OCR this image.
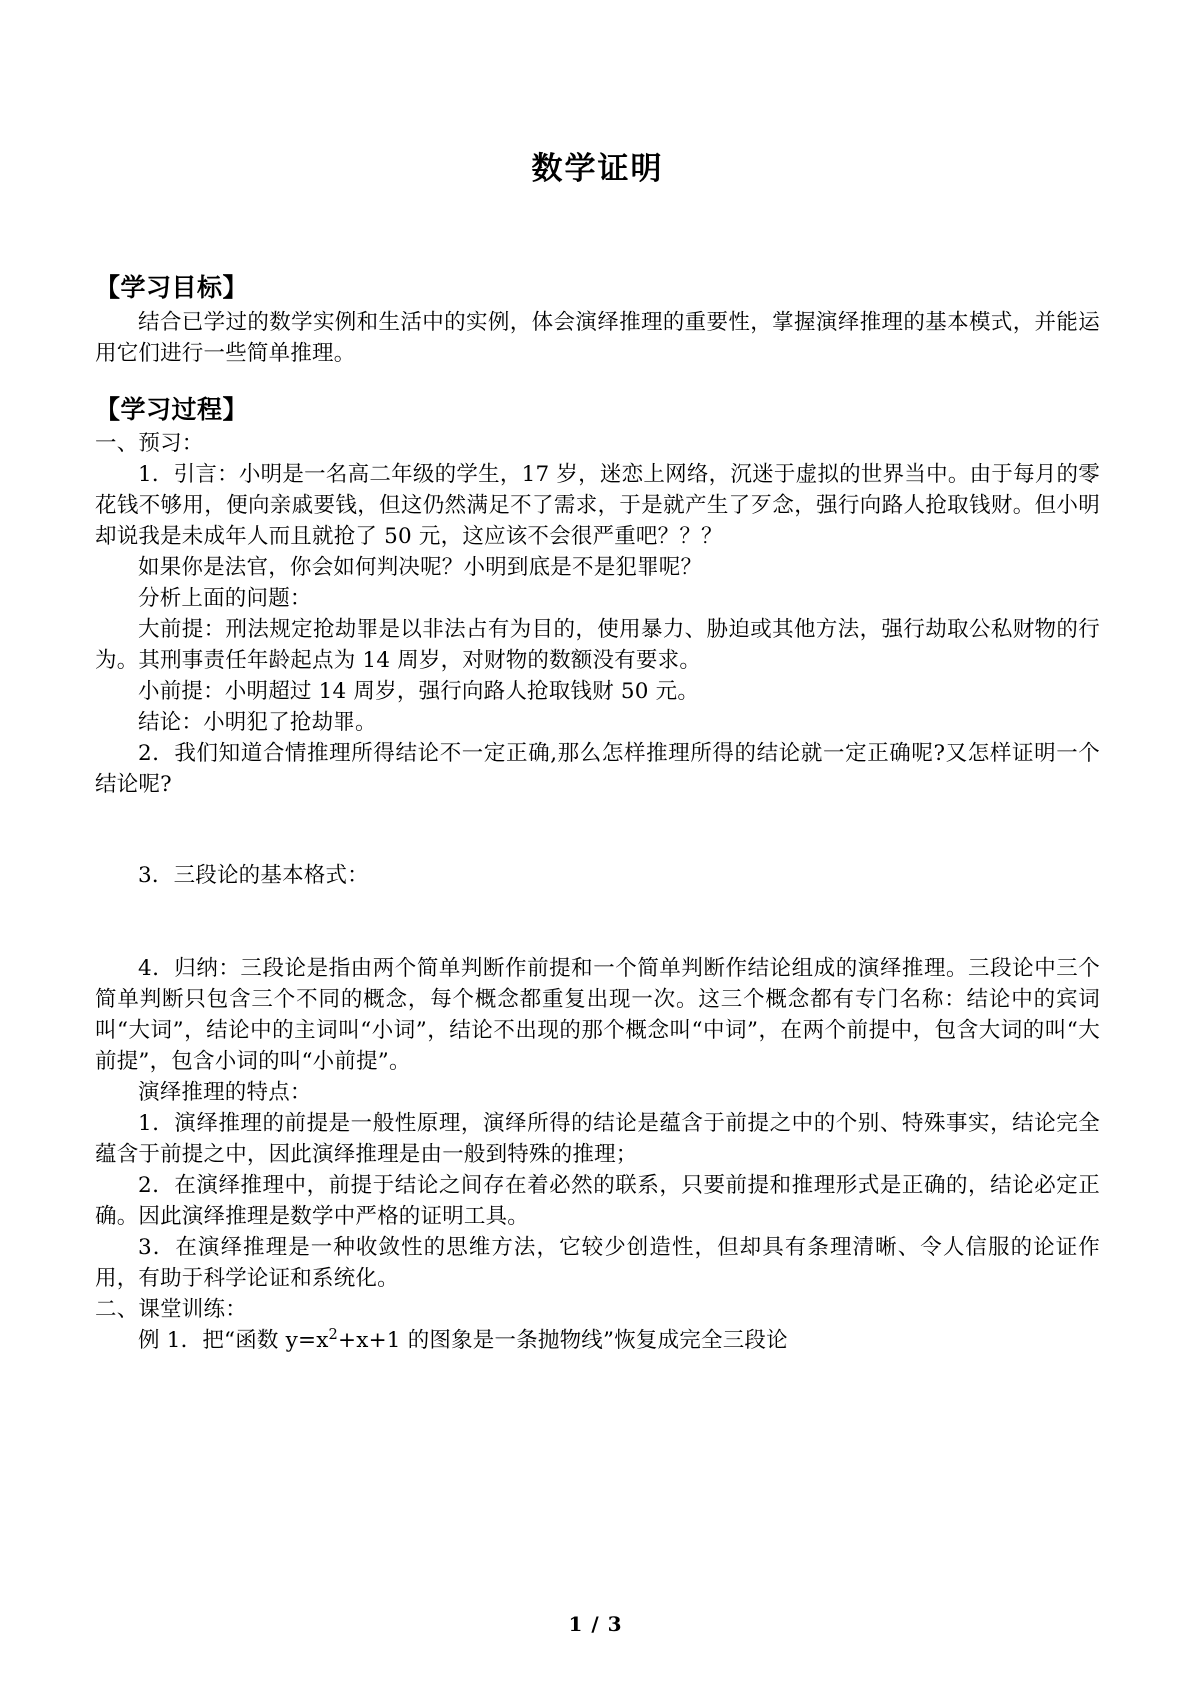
数学证明
【学习目标】

结合已学过的数学实例和生活中的实例，体会演绎推理的重要性，掌握演绎推理的基本模式，并能运用它们进行一些简单推理。

【学习过程】

一、预习：

1．引言：小明是一名高二年级的学生，17 岁，迷恋上网络，沉迷于虚拟的世界当中。由于每月的零花钱不够用，便向亲戚要钱，但这仍然满足不了需求，于是就产生了歹念，强行向路人抢取钱财。但小明却说我是未成年人而且就抢了 50 元，这应该不会很严重吧？？？

如果你是法官，你会如何判决呢？小明到底是不是犯罪呢？

分析上面的问题：

大前提：刑法规定抢劫罪是以非法占有为目的，使用暴力、胁迫或其他方法，强行劫取公私财物的行为。其刑事责任年龄起点为 14 周岁，对财物的数额没有要求。

小前提：小明超过 14 周岁，强行向路人抢取钱财 50 元。

结论：小明犯了抢劫罪。

2．我们知道合情推理所得结论不一定正确,那么怎样推理所得的结论就一定正确呢?又怎样证明一个结论呢?

3．三段论的基本格式：

4．归纳：三段论是指由两个简单判断作前提和一个简单判断作结论组成的演绎推理。三段论中三个简单判断只包含三个不同的概念，每个概念都重复出现一次。这三个概念都有专门名称：结论中的宾词叫“大词”，结论中的主词叫“小词”，结论不出现的那个概念叫“中词”，在两个前提中，包含大词的叫“大前提”，包含小词的叫“小前提”。

演绎推理的特点：

1．演绎推理的前提是一般性原理，演绎所得的结论是蕴含于前提之中的个别、特殊事实，结论完全蕴含于前提之中，因此演绎推理是由一般到特殊的推理；

2．在演绎推理中，前提于结论之间存在着必然的联系，只要前提和推理形式是正确的，结论必定正确。因此演绎推理是数学中严格的证明工具。

3．在演绎推理是一种收敛性的思维方法，它较少创造性，但却具有条理清晰、令人信服的论证作用，有助于科学论证和系统化。

二、课堂训练：

例 1．把“函数 $y=x^2+x+1$ 的图象是一条抛物线”恢复成完全三段论

1 / 3
